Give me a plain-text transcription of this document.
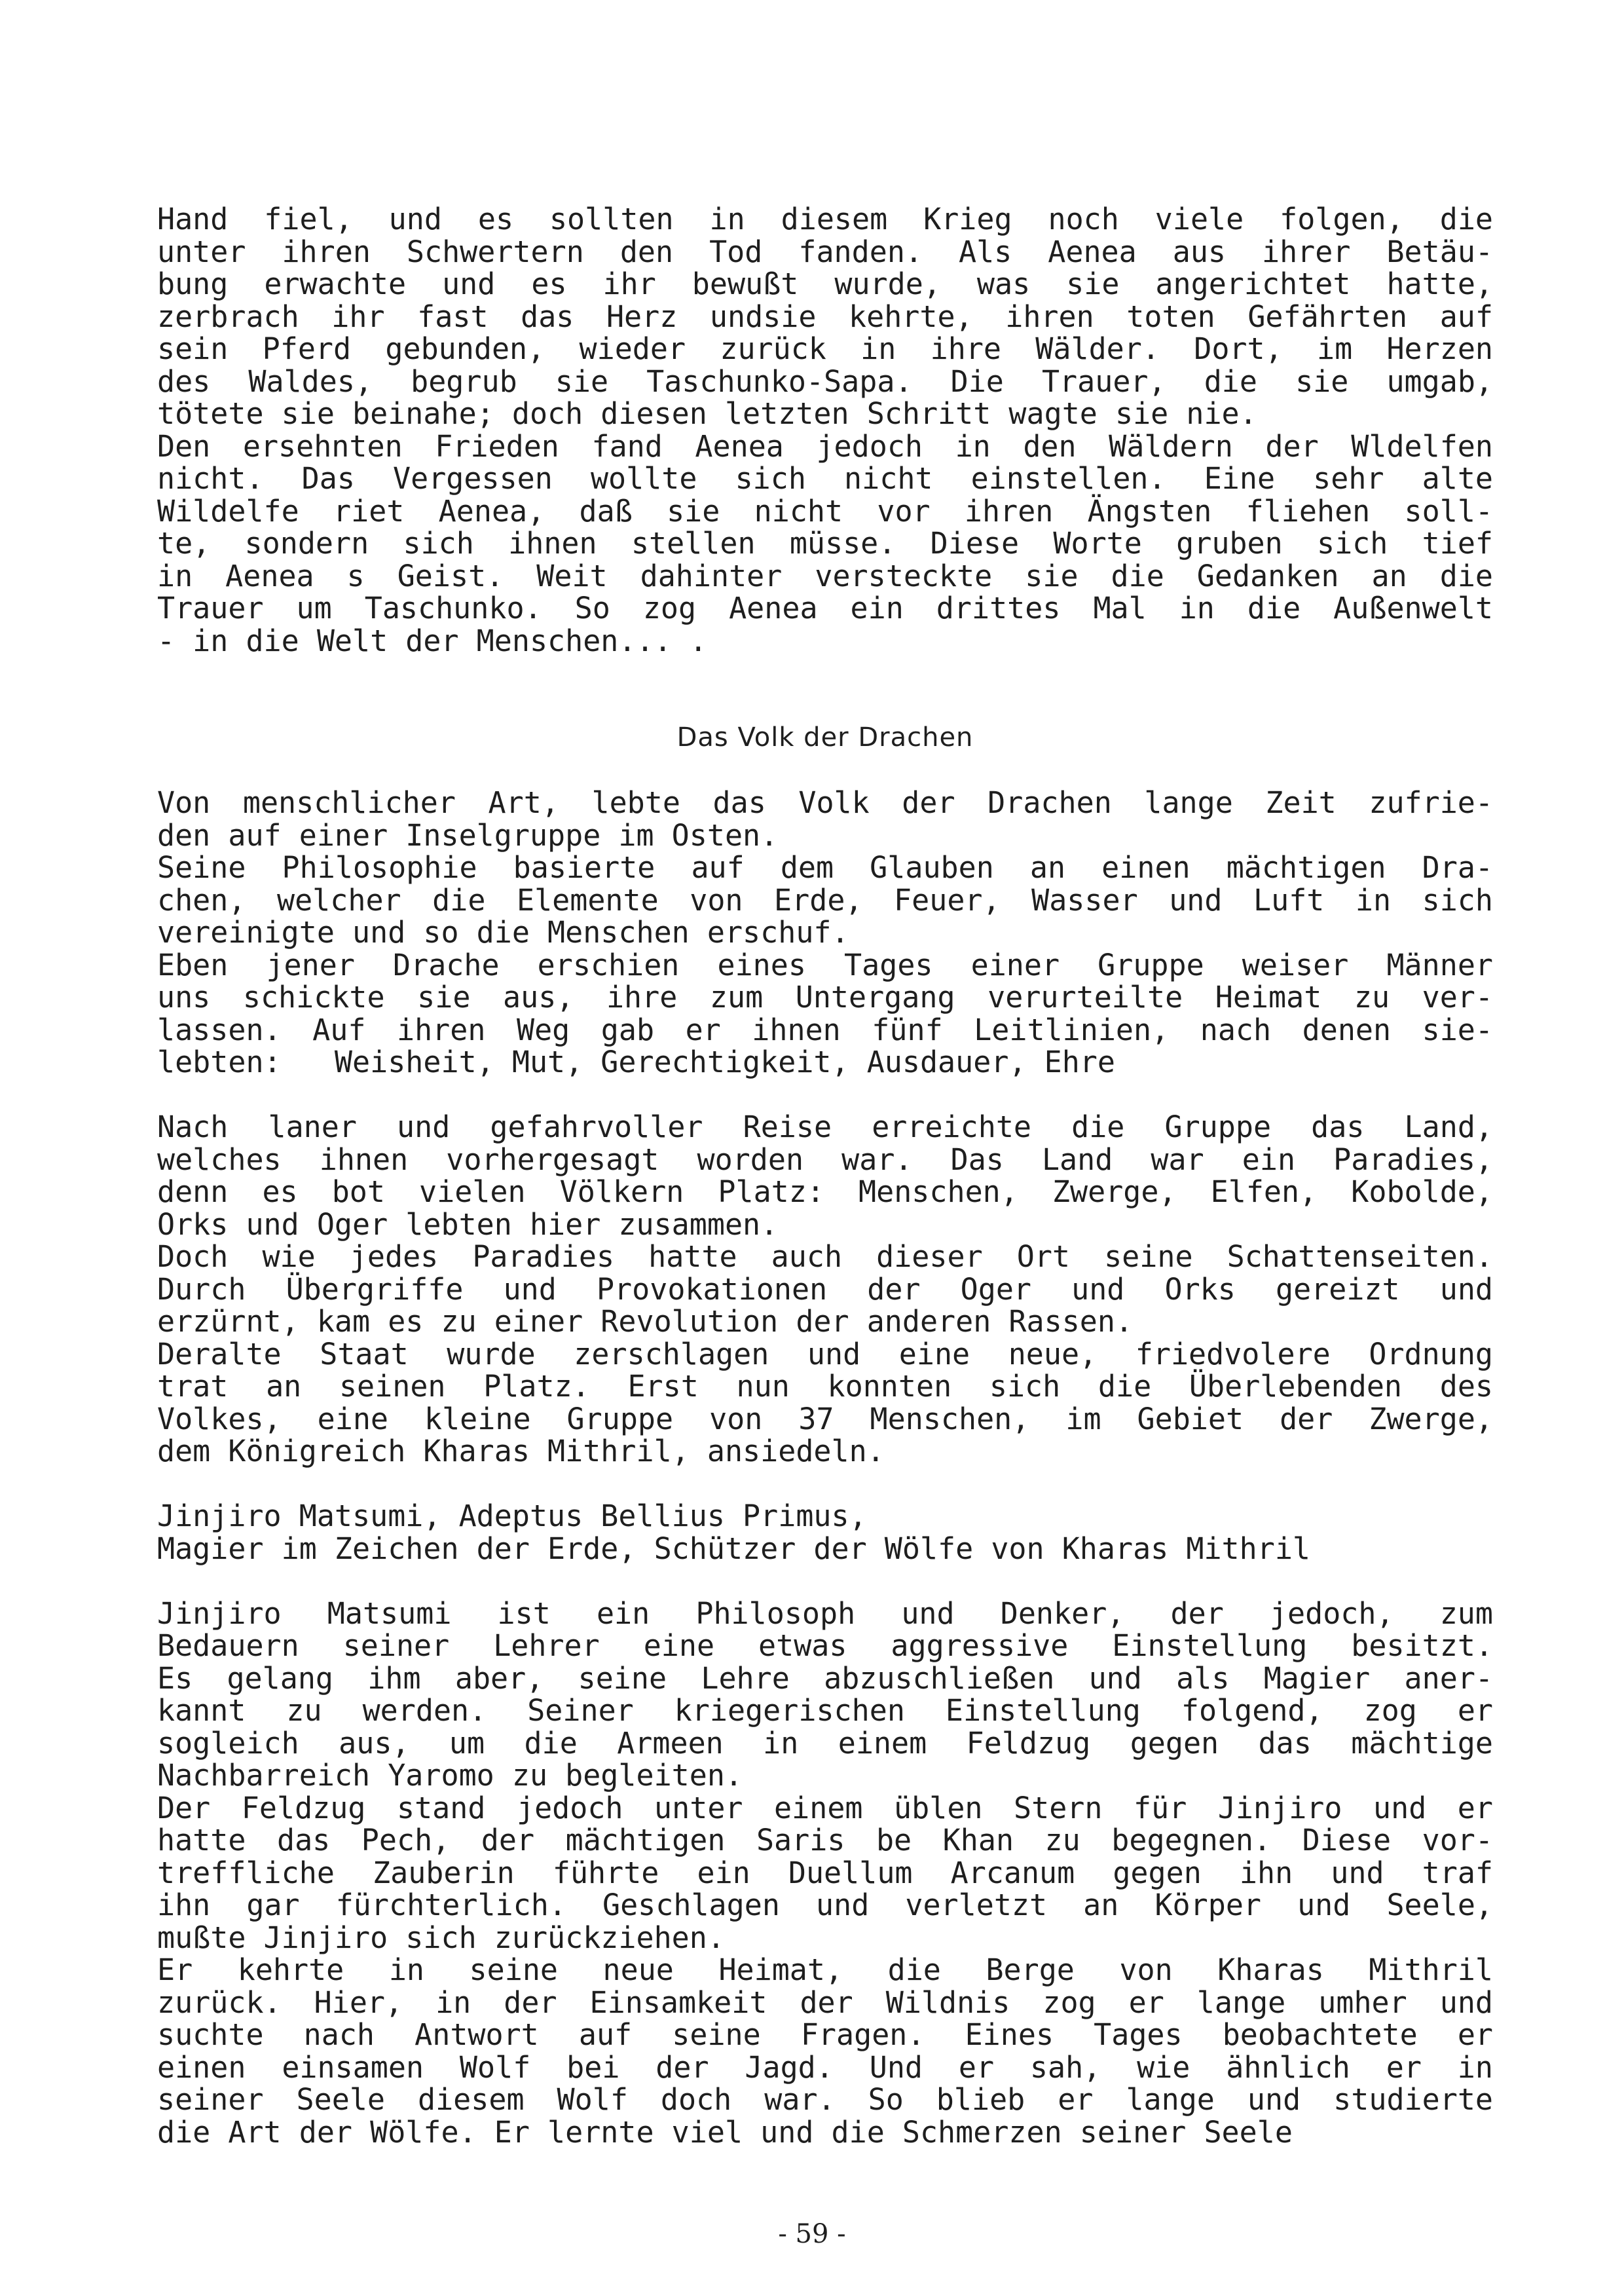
Hand fiel, und es sollten in diesem Krieg noch viele folgen, die
unter ihren Schwertern den Tod fanden. Als Aenea aus ihrer Betäu-
bung erwachte und es ihr bewußt wurde, was sie angerichtet hatte,
zerbrach ihr fast das Herz undsie kehrte, ihren toten Gefährten auf
sein Pferd gebunden, wieder zurück in ihre Wälder. Dort, im Herzen
des Waldes, begrub sie Taschunko-Sapa. Die Trauer, die sie umgab,
tötete sie beinahe; doch diesen letzten Schritt wagte sie nie.
Den ersehnten Frieden fand Aenea jedoch in den Wäldern der Wldelfen
nicht. Das Vergessen wollte sich nicht einstellen. Eine sehr alte
Wildelfe riet Aenea, daß sie nicht vor ihren Ängsten fliehen soll-
te, sondern sich ihnen stellen müsse. Diese Worte gruben sich tief
in Aenea s Geist. Weit dahinter versteckte sie die Gedanken an die
Trauer um Taschunko. So zog Aenea ein drittes Mal in die Außenwelt
- in die Welt der Menschen... .
Das Volk der Drachen
Von menschlicher Art, lebte das Volk der Drachen lange Zeit zufrie-
den auf einer Inselgruppe im Osten.
Seine Philosophie basierte auf dem Glauben an einen mächtigen Dra-
chen, welcher die Elemente von Erde, Feuer, Wasser und Luft in sich
vereinigte und so die Menschen erschuf.
Eben jener Drache erschien eines Tages einer Gruppe weiser Männer
uns schickte sie aus, ihre zum Untergang verurteilte Heimat zu ver-
lassen. Auf ihren Weg gab er ihnen fünf Leitlinien, nach denen sie-
lebten:   Weisheit, Mut, Gerechtigkeit, Ausdauer, Ehre
Nach laner und gefahrvoller Reise erreichte die Gruppe das Land,
welches ihnen vorhergesagt worden war. Das Land war ein Paradies,
denn es bot vielen Völkern Platz: Menschen, Zwerge, Elfen, Kobolde,
Orks und Oger lebten hier zusammen.
Doch wie jedes Paradies hatte auch dieser Ort seine Schattenseiten.
Durch Übergriffe und Provokationen der Oger und Orks gereizt und
erzürnt, kam es zu einer Revolution der anderen Rassen.
Deralte Staat wurde zerschlagen und eine neue, friedvolere Ordnung
trat an seinen Platz. Erst nun konnten sich die Überlebenden des
Volkes, eine kleine Gruppe von 37 Menschen, im Gebiet der Zwerge,
dem Königreich Kharas Mithril, ansiedeln.
Jinjiro Matsumi, Adeptus Bellius Primus,
Magier im Zeichen der Erde, Schützer der Wölfe von Kharas Mithril
Jinjiro Matsumi ist ein Philosoph und Denker, der jedoch, zum
Bedauern seiner Lehrer eine etwas aggressive Einstellung besitzt.
Es gelang ihm aber, seine Lehre abzuschließen und als Magier aner-
kannt zu werden. Seiner kriegerischen Einstellung folgend, zog er
sogleich aus, um die Armeen in einem Feldzug gegen das mächtige
Nachbarreich Yaromo zu begleiten.
Der Feldzug stand jedoch unter einem üblen Stern für Jinjiro und er
hatte das Pech, der mächtigen Saris be Khan zu begegnen. Diese vor-
treffliche Zauberin führte ein Duellum Arcanum gegen ihn und traf
ihn gar fürchterlich. Geschlagen und verletzt an Körper und Seele,
mußte Jinjiro sich zurückziehen.
Er kehrte in seine neue Heimat, die Berge von Kharas Mithril
zurück. Hier, in der Einsamkeit der Wildnis zog er lange umher und
suchte nach Antwort auf seine Fragen. Eines Tages beobachtete er
einen einsamen Wolf bei der Jagd. Und er sah, wie ähnlich er in
seiner Seele diesem Wolf doch war. So blieb er lange und studierte
die Art der Wölfe. Er lernte viel und die Schmerzen seiner Seele
- 59 -
